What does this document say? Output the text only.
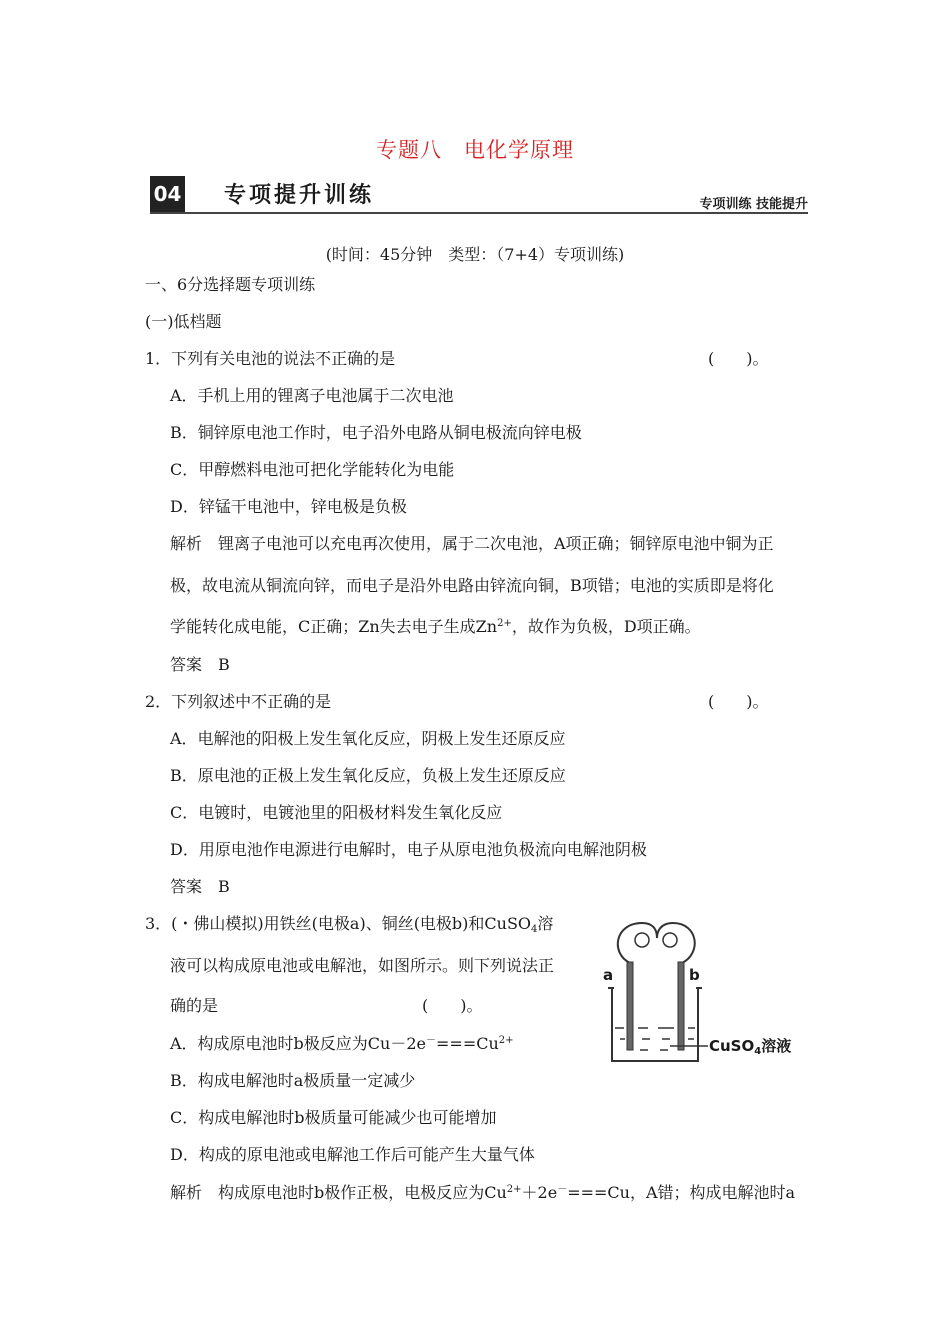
专题八　电化学原理
04 专项提升训练	专项训练 技能提升
(时间：45分钟　类型：（7+4）专项训练)
一、6分选择题专项训练
(一)低档题
1．下列有关电池的说法不正确的是	(　　)。
A．手机上用的锂离子电池属于二次电池
B．铜锌原电池工作时，电子沿外电路从铜电极流向锌电极
C．甲醇燃料电池可把化学能转化为电能
D．锌锰干电池中，锌电极是负极
解析　锂离子电池可以充电再次使用，属于二次电池，A项正确；铜锌原电池中铜为正
极，故电流从铜流向锌，而电子是沿外电路由锌流向铜，B项错；电池的实质即是将化
学能转化成电能，C正确；Zn失去电子生成$Zn^{2+}$，故作为负极，D项正确。
答案　B
2．下列叙述中不正确的是	(　　)。
A．电解池的阳极上发生氧化反应，阴极上发生还原反应
B．原电池的正极上发生氧化反应，负极上发生还原反应
C．电镀时，电镀池里的阳极材料发生氧化反应
D．用原电池作电源进行电解时，电子从原电池负极流向电解池阴极
答案　B
3．(・佛山模拟)用铁丝(电极a)、铜丝(电极b)和CuSO$_4$溶
液可以构成原电池或电解池，如图所示。则下列说法正
确的是	(　　)。
A．构成原电池时b极反应为$Cu-2e^-===Cu^{2+}$
B．构成电解池时a极质量一定减少
C．构成电解池时b极质量可能减少也可能增加
D．构成的原电池或电解池工作后可能产生大量气体
解析　构成原电池时b极作正极，电极反应为$Cu^{2+}+2e^-===Cu$，A错；构成电解池时a
a	b
CuSO$_4$溶液
